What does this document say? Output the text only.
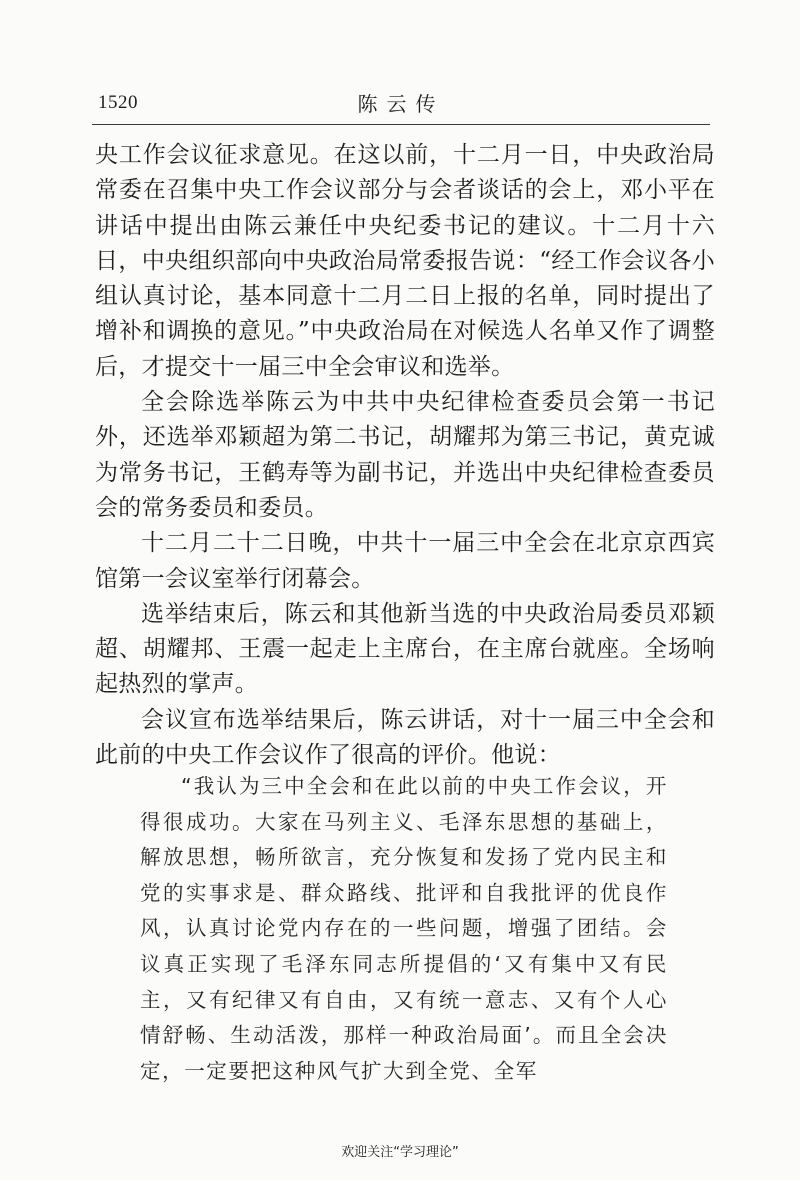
1520	陈云传

央工作会议征求意见。在这以前，十二月一日，中央政治局常委在召集中央工作会议部分与会者谈话的会上，邓小平在讲话中提出由陈云兼任中央纪委书记的建议。十二月十六日，中央组织部向中央政治局常委报告说：“经工作会议各小组认真讨论，基本同意十二月二日上报的名单，同时提出了增补和调换的意见。”中央政治局在对候选人名单又作了调整后，才提交十一届三中全会审议和选举。

全会除选举陈云为中共中央纪律检查委员会第一书记外，还选举邓颖超为第二书记，胡耀邦为第三书记，黄克诚为常务书记，王鹤寿等为副书记，并选出中央纪律检查委员会的常务委员和委员。

十二月二十二日晚，中共十一届三中全会在北京京西宾馆第一会议室举行闭幕会。

选举结束后，陈云和其他新当选的中央政治局委员邓颖超、胡耀邦、王震一起走上主席台，在主席台就座。全场响起热烈的掌声。

会议宣布选举结果后，陈云讲话，对十一届三中全会和此前的中央工作会议作了很高的评价。他说：

“我认为三中全会和在此以前的中央工作会议，开得很成功。大家在马列主义、毛泽东思想的基础上，解放思想，畅所欲言，充分恢复和发扬了党内民主和党的实事求是、群众路线、批评和自我批评的优良作风，认真讨论党内存在的一些问题，增强了团结。会议真正实现了毛泽东同志所提倡的‘又有集中又有民主，又有纪律又有自由，又有统一意志、又有个人心情舒畅、生动活泼，那样一种政治局面’。而且全会决定，一定要把这种风气扩大到全党、全军

欢迎关注“学习理论”
